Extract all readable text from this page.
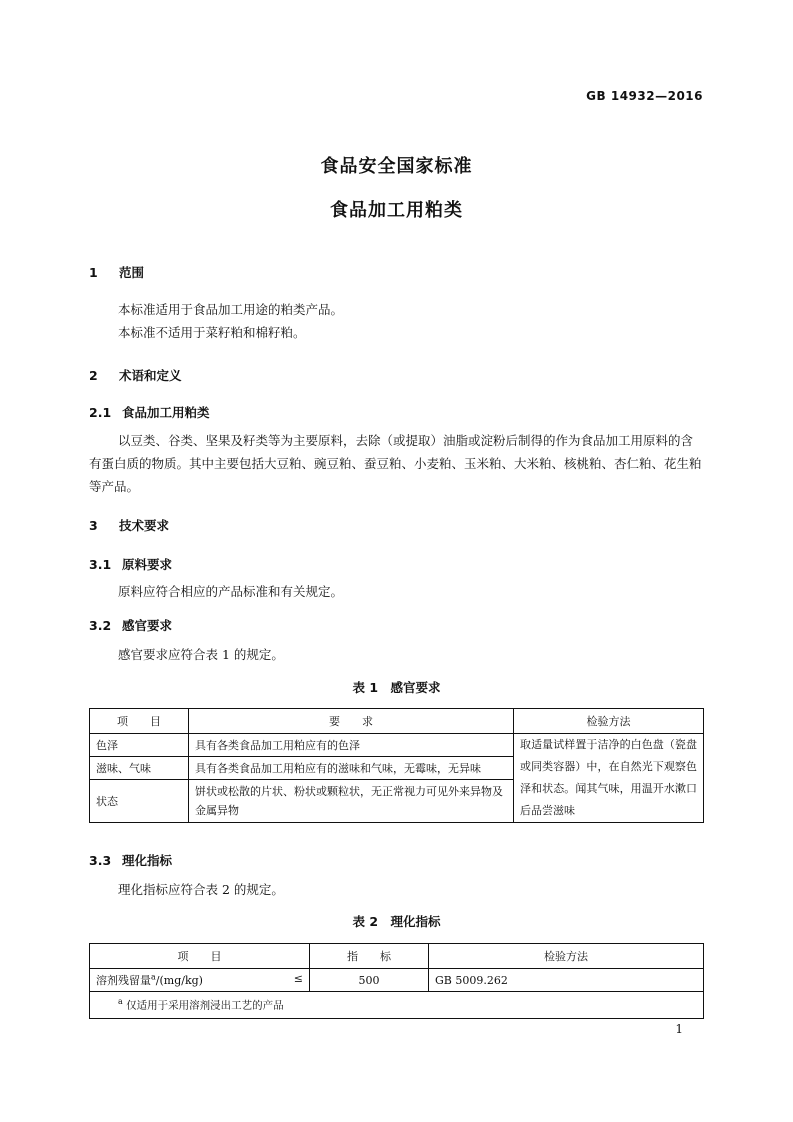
GB 14932—2016
食品安全国家标准
食品加工用粕类
1 范围
本标准适用于食品加工用途的粕类产品。
本标准不适用于菜籽粕和棉籽粕。
2 术语和定义
2.1 食品加工用粕类
以豆类、谷类、坚果及籽类等为主要原料，去除（或提取）油脂或淀粉后制得的作为食品加工用原料的含有蛋白质的物质。其中主要包括大豆粕、豌豆粕、蚕豆粕、小麦粕、玉米粕、大米粕、核桃粕、杏仁粕、花生粕等产品。
3 技术要求
3.1 原料要求
原料应符合相应的产品标准和有关规定。
3.2 感官要求
感官要求应符合表 1 的规定。
表 1　感官要求
项　　目	要　　求	检验方法
色泽	具有各类食品加工用粕应有的色泽	取适量试样置于洁净的白色盘（瓷盘或同类容器）中，在自然光下观察色泽和状态。闻其气味，用温开水漱口后品尝滋味
滋味、气味	具有各类食品加工用粕应有的滋味和气味，无霉味，无异味	
状态	饼状或松散的片状、粉状或颗粒状，无正常视力可见外来异物及金属异物	
3.3 理化指标
理化指标应符合表 2 的规定。
表 2　理化指标
项　　目	指　　标	检验方法
溶剂残留量$^a$/(mg/kg) ≤	500	GB 5009.262
$^a$ 仅适用于采用溶剂浸出工艺的产品		
1
